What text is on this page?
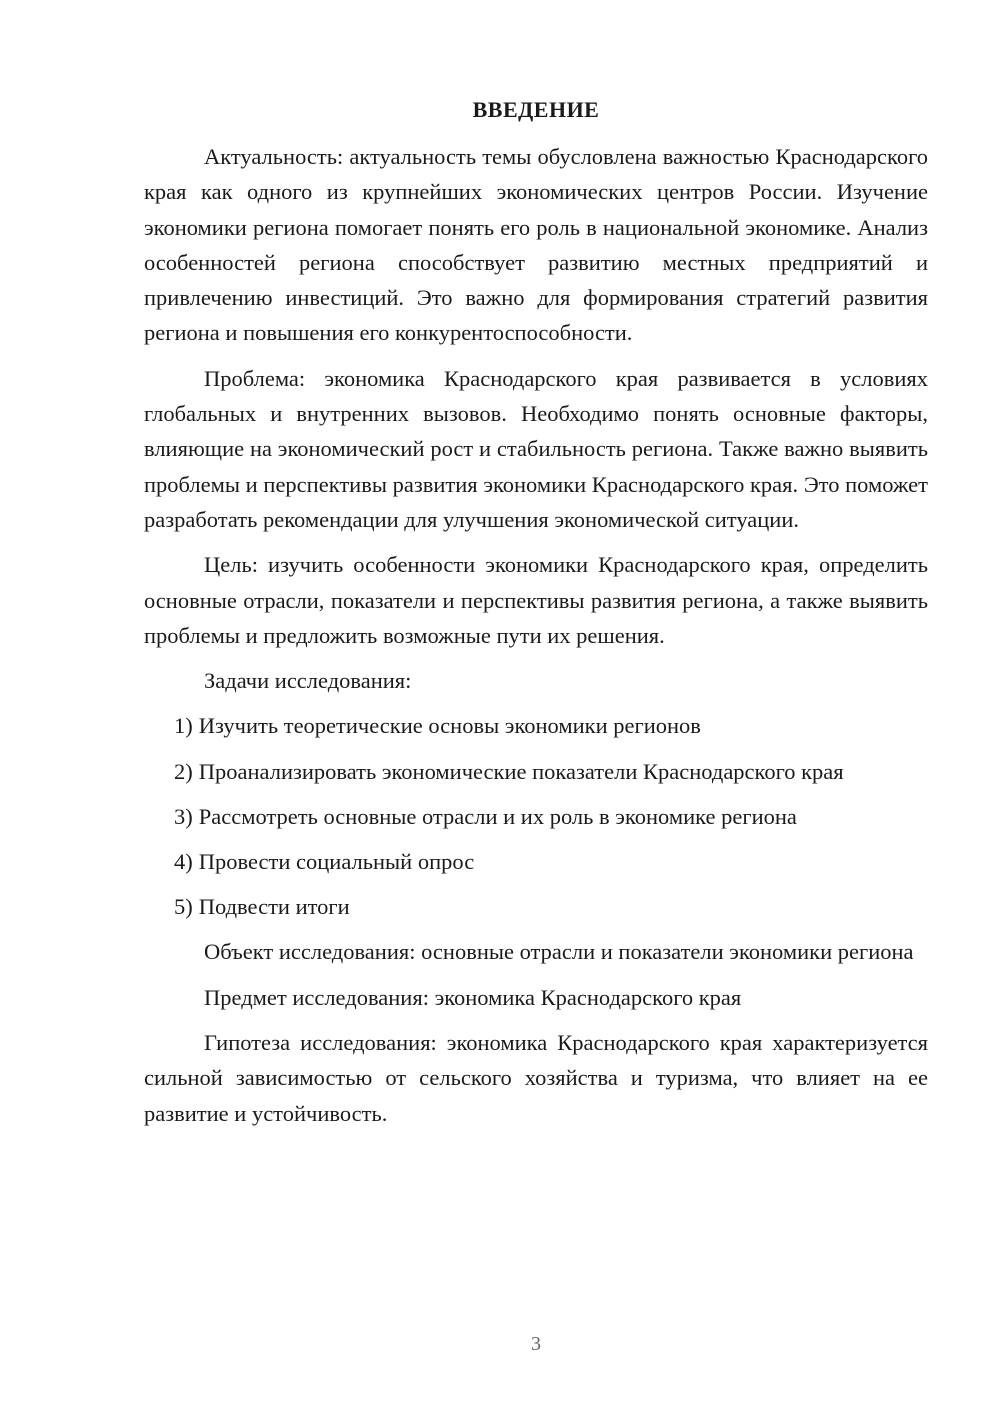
ВВЕДЕНИЕ

Актуальность: актуальность темы обусловлена важностью Краснодарского края как одного из крупнейших экономических центров России. Изучение экономики региона помогает понять его роль в национальной экономике. Анализ особенностей региона способствует развитию местных предприятий и привлечению инвестиций. Это важно для формирования стратегий развития региона и повышения его конкурентоспособности.

Проблема: экономика Краснодарского края развивается в условиях глобальных и внутренних вызовов. Необходимо понять основные факторы, влияющие на экономический рост и стабильность региона. Также важно выявить проблемы и перспективы развития экономики Краснодарского края. Это поможет разработать рекомендации для улучшения экономической ситуации.

Цель: изучить особенности экономики Краснодарского края, определить основные отрасли, показатели и перспективы развития региона, а также выявить проблемы и предложить возможные пути их решения.

Задачи исследования:

1) Изучить теоретические основы экономики регионов
2) Проанализировать экономические показатели Краснодарского края
3) Рассмотреть основные отрасли и их роль в экономике региона
4) Провести социальный опрос
5) Подвести итоги

Объект исследования: основные отрасли и показатели экономики региона

Предмет исследования: экономика Краснодарского края

Гипотеза исследования: экономика Краснодарского края характеризуется сильной зависимостью от сельского хозяйства и туризма, что влияет на ее развитие и устойчивость.

3
